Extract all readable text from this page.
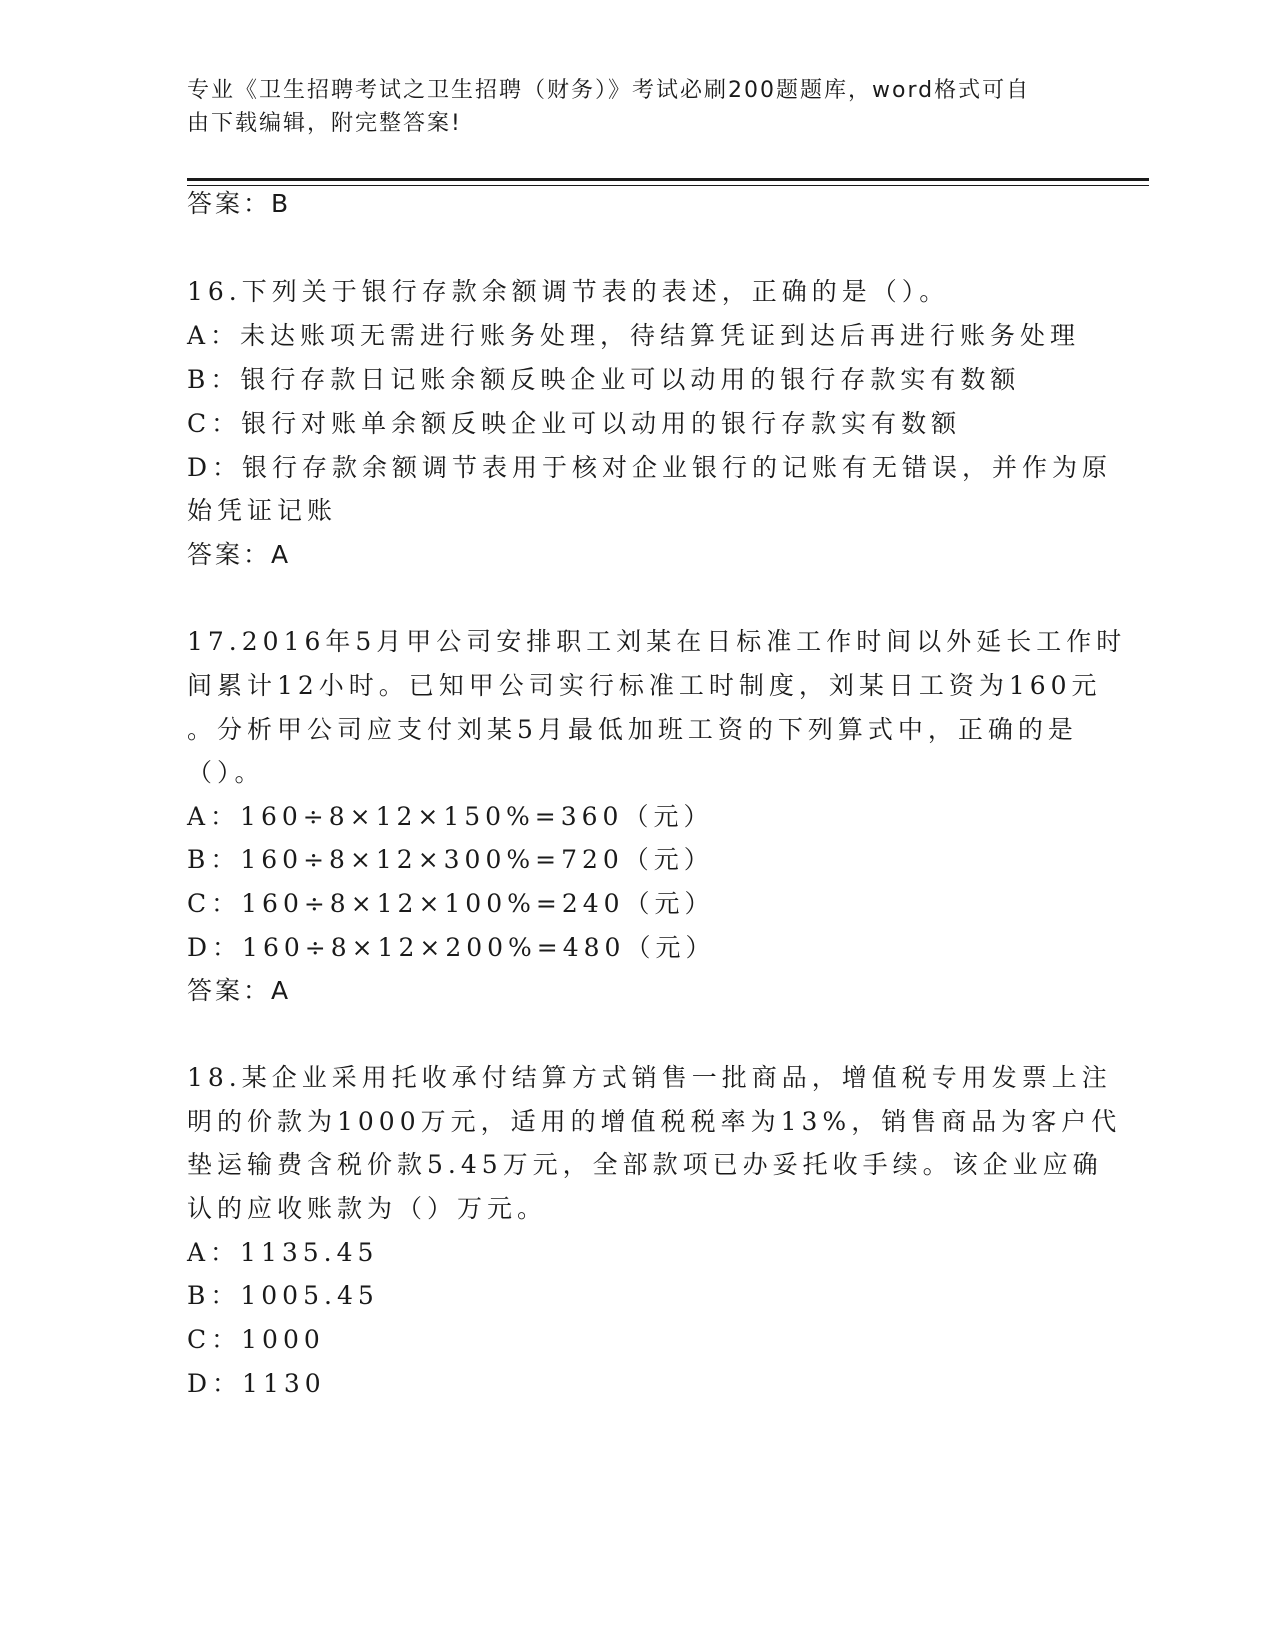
专业《卫生招聘考试之卫生招聘（财务）》考试必刷200题题库，word格式可自
由下载编辑，附完整答案!
答案：B
16.下列关于银行存款余额调节表的表述，正确的是（）。
A：未达账项无需进行账务处理，待结算凭证到达后再进行账务处理
B：银行存款日记账余额反映企业可以动用的银行存款实有数额
C：银行对账单余额反映企业可以动用的银行存款实有数额
D：银行存款余额调节表用于核对企业银行的记账有无错误，并作为原
始凭证记账
答案：A
17.2016年5月甲公司安排职工刘某在日标准工作时间以外延长工作时
间累计12小时。已知甲公司实行标准工时制度，刘某日工资为160元
。分析甲公司应支付刘某5月最低加班工资的下列算式中，正确的是
（）。
A：160÷8×12×150%=360（元）
B：160÷8×12×300%=720（元）
C：160÷8×12×100%=240（元）
D：160÷8×12×200%=480（元）
答案：A
18.某企业采用托收承付结算方式销售一批商品，增值税专用发票上注
明的价款为1000万元，适用的增值税税率为13%，销售商品为客户代
垫运输费含税价款5.45万元，全部款项已办妥托收手续。该企业应确
认的应收账款为（）万元。
A：1135.45
B：1005.45
C：1000
D：1130
